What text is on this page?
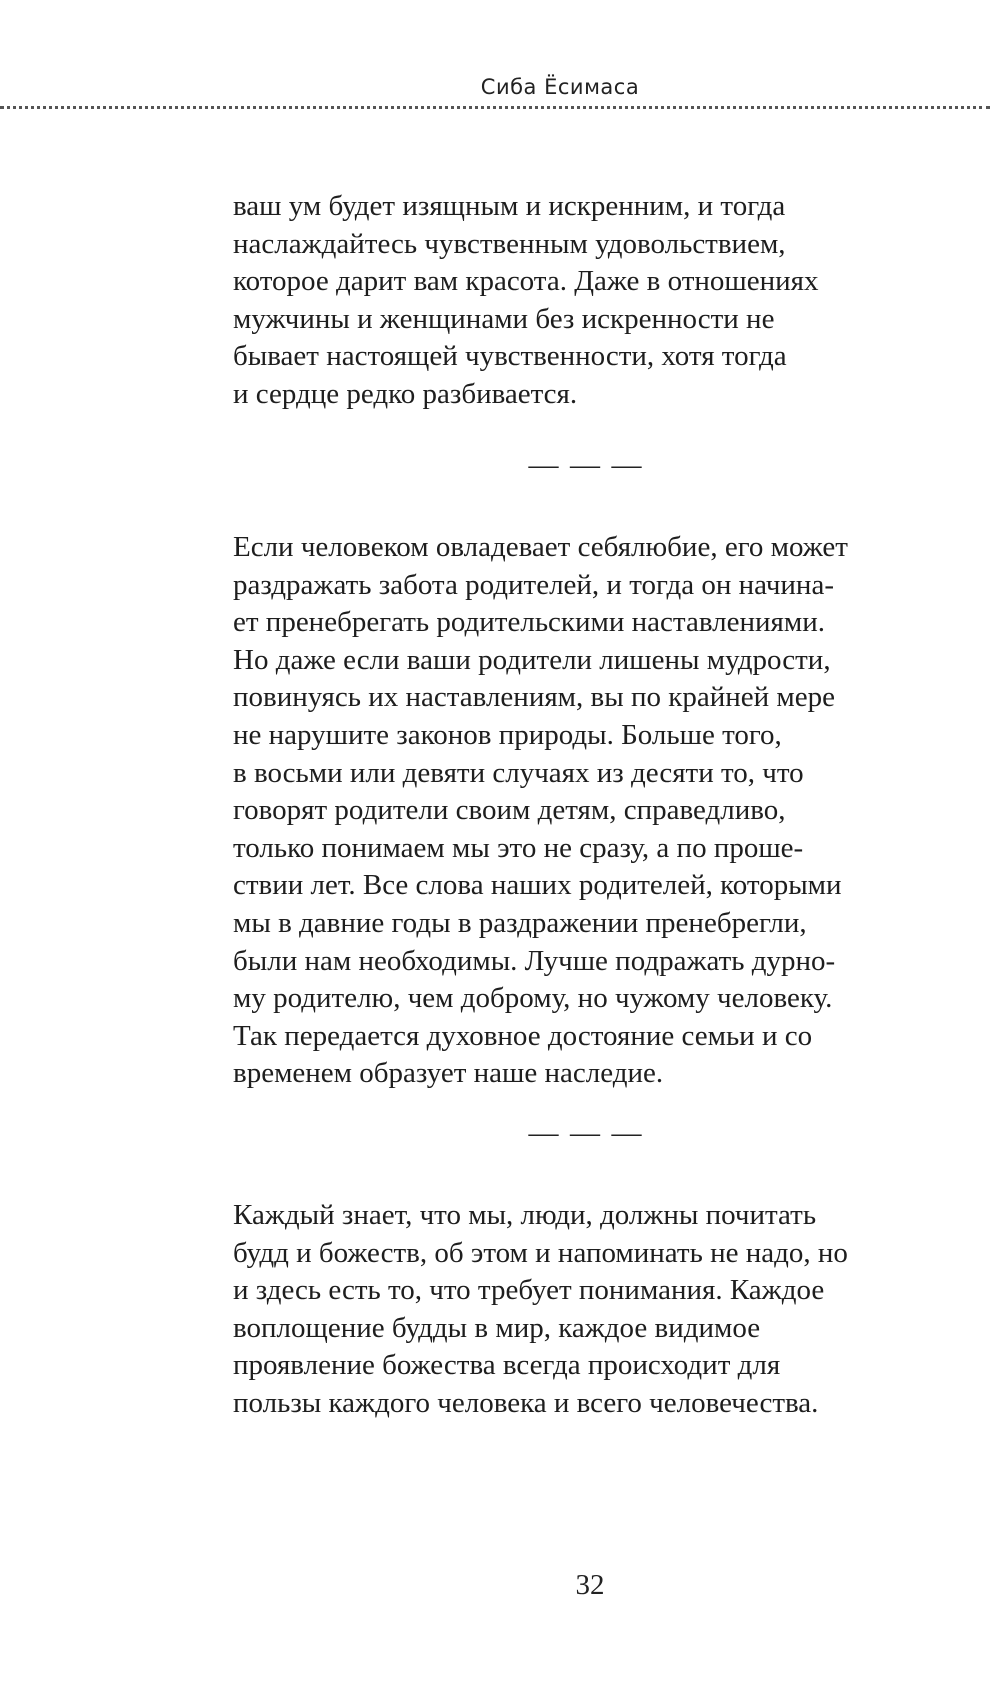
Сиба Ёсимаса
ваш ум будет изящным и искренним, и тогда
наслаждайтесь чувственным удовольствием,
которое дарит вам красота. Даже в отношениях
мужчины и женщинами без искренности не
бывает настоящей чувственности, хотя тогда
и сердце редко разбивается.
— — —
Если человеком овладевает себялюбие, его может
раздражать забота родителей, и тогда он начина-
ет пренебрегать родительскими наставлениями.
Но даже если ваши родители лишены мудрости,
повинуясь их наставлениям, вы по крайней мере
не нарушите законов природы. Больше того,
в восьми или девяти случаях из десяти то, что
говорят родители своим детям, справедливо,
только понимаем мы это не сразу, а по проше-
ствии лет. Все слова наших родителей, которыми
мы в давние годы в раздражении пренебрегли,
были нам необходимы. Лучше подражать дурно-
му родителю, чем доброму, но чужому человеку.
Так передается духовное достояние семьи и со
временем образует наше наследие.
— — —
Каждый знает, что мы, люди, должны почитать
будд и божеств, об этом и напоминать не надо, но
и здесь есть то, что требует понимания. Каждое
воплощение будды в мир, каждое видимое
проявление божества всегда происходит для
пользы каждого человека и всего человечества.
32
